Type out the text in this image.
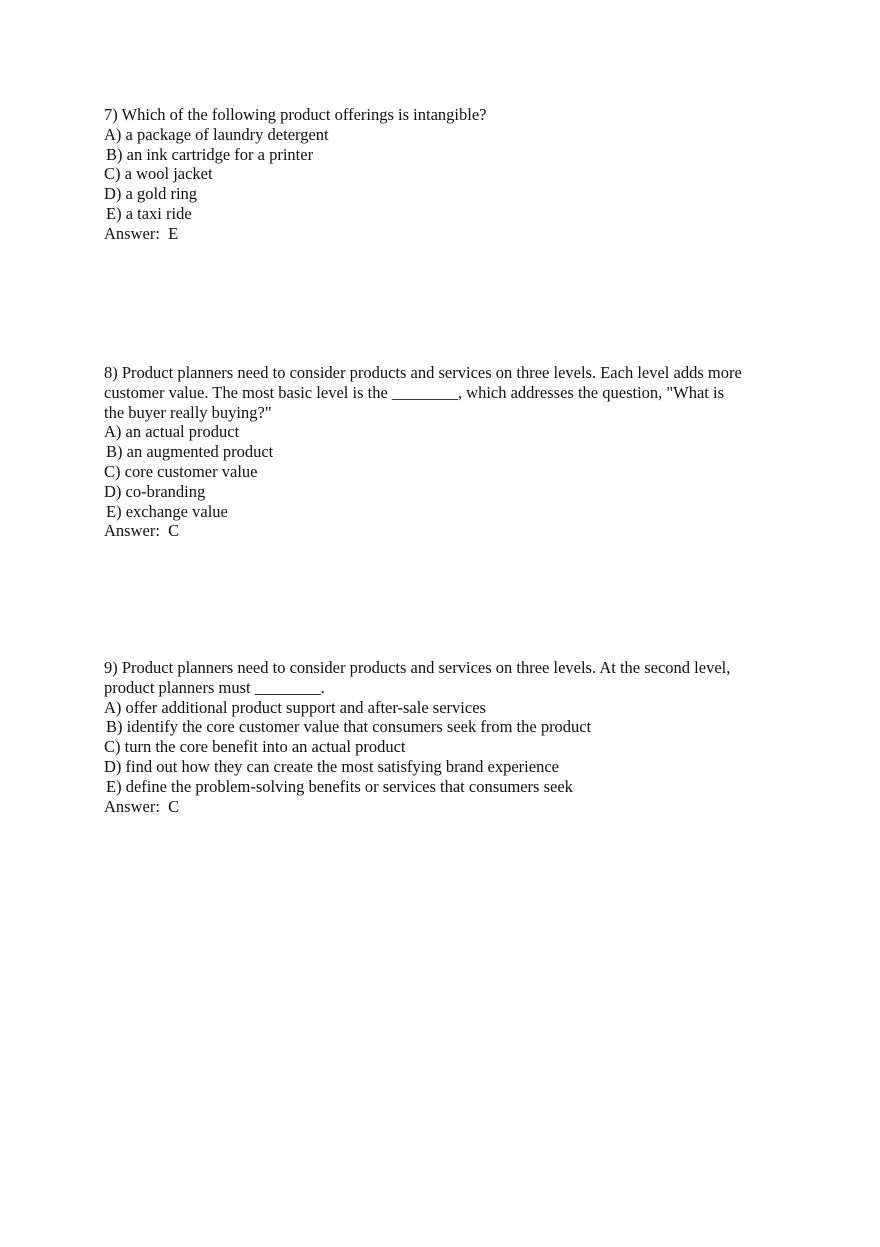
7) Which of the following product offerings is intangible?
A) a package of laundry detergent
B) an ink cartridge for a printer
C) a wool jacket
D) a gold ring
E) a taxi ride
Answer:  E
8) Product planners need to consider products and services on three levels. Each level adds more
customer value. The most basic level is the ________, which addresses the question, "What is
the buyer really buying?"
A) an actual product
B) an augmented product
C) core customer value
D) co-branding
E) exchange value
Answer:  C
9) Product planners need to consider products and services on three levels. At the second level,
product planners must ________.
A) offer additional product support and after-sale services
B) identify the core customer value that consumers seek from the product
C) turn the core benefit into an actual product
D) find out how they can create the most satisfying brand experience
E) define the problem-solving benefits or services that consumers seek
Answer:  C
